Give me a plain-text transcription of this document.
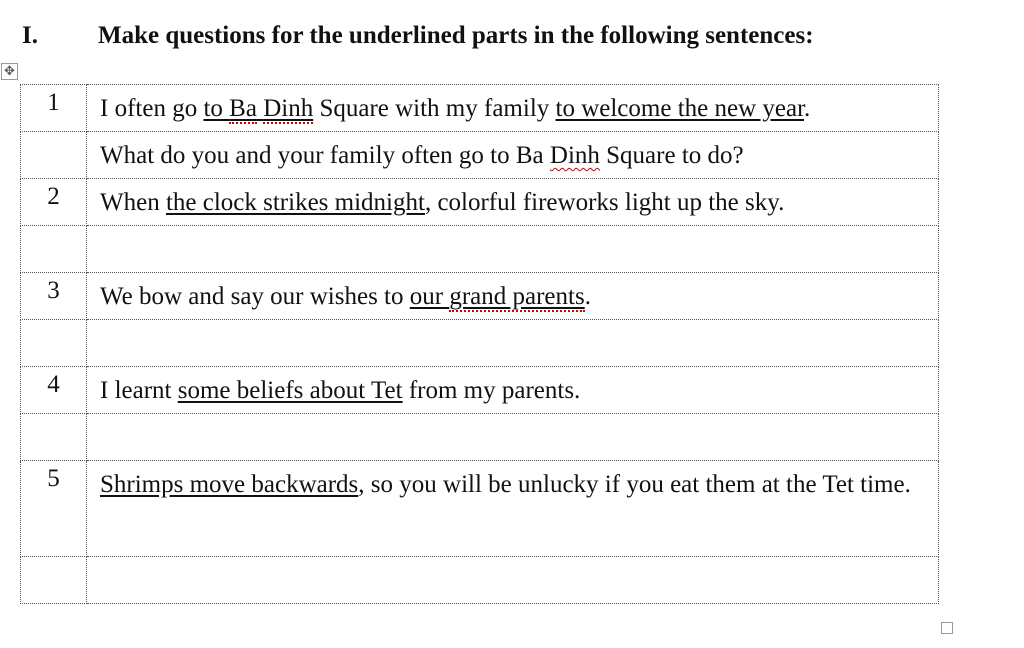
I. Make questions for the underlined parts in the following sentences:
✥
1	I often go to Ba Dinh Square with my family to welcome the new year.
	What do you and your family often go to Ba Dinh Square to do?
2	When the clock strikes midnight, colorful fireworks light up the sky.

3	We bow and say our wishes to our grand parents.

4	I learnt some beliefs about Tet from my parents.

5	Shrimps move backwards, so you will be unlucky if you eat them at the Tet time.
